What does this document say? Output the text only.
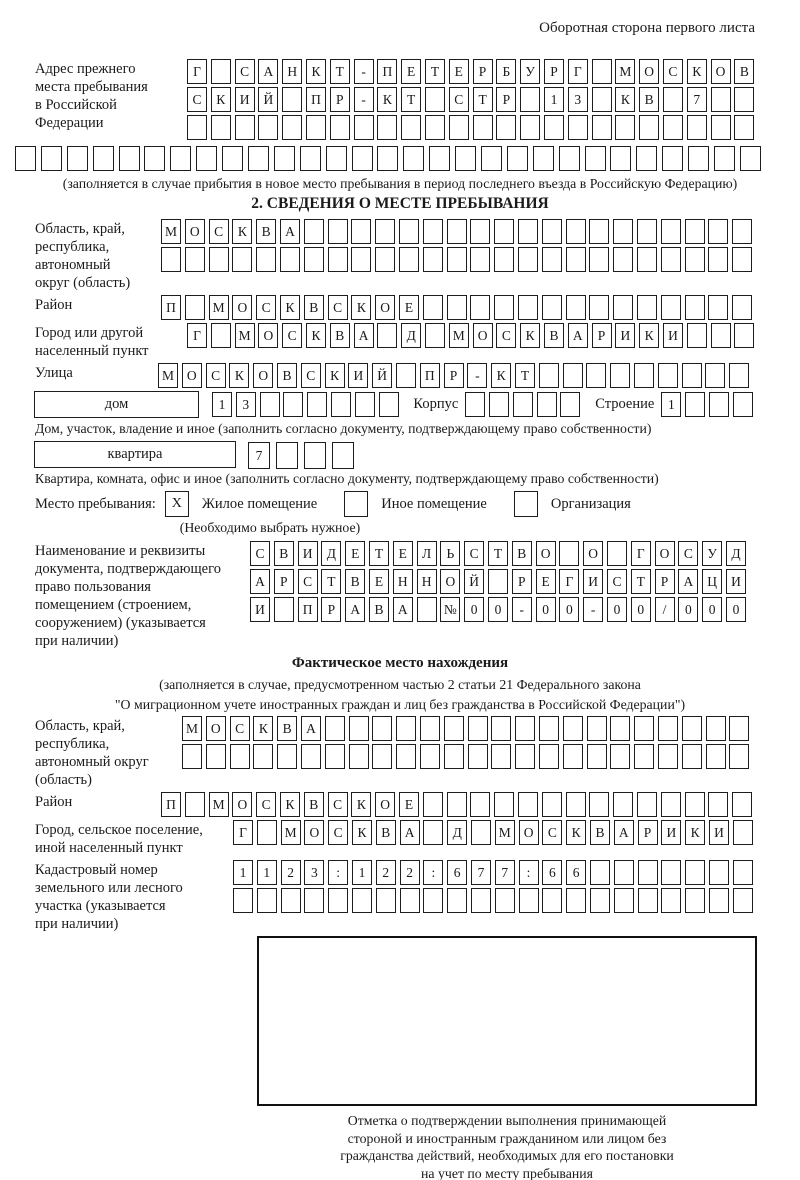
Оборотная сторона первого листа
Адрес прежнего
места пребывания
в Российской
Федерации
Г	С	А	Н	К	Т	-	П	Е	Т	Е	Р	Б	У	Р	Г	М О	С	К	О	В
С	К	И	Й	П	Р	-	К	Т	С	Т	Р	1	3	К	В	7
(заполняется в случае прибытия в новое место пребывания в период последнего въезда в Российскую Федерацию)
2. СВЕДЕНИЯ О МЕСТЕ ПРЕБЫВАНИЯ
Область, край,
республика,
автономный
округ (область)
М О	С	К	В	А
Район	П	М О	С	К	В	С	К	О	Е
Город или другой
населенный пункт
Г	М О	С	К	В	А	Д	М О	С	К	В	А	Р	И	К	И
Улица	М О	С	К	О	В	С	К	И	Й	П	Р	-	К	Т
дом	1	3	Корпус	Строение	1
Дом, участок, владение и иное (заполнить согласно документу, подтверждающему право собственности)
квартира	7
Квартира, комната, офис и иное (заполнить согласно документу, подтверждающему право собственности)
Место пребывания:	X	Жилое помещение	Иное помещение	Организация
(Необходимо выбрать нужное)
Наименование и реквизиты
документа, подтверждающего
право пользования
помещением (строением,
сооружением) (указывается
при наличии)
С	В	И	Д	Е	Т	Е	Л	Ь	С	Т	В	О	О	Г	О	С	У	Д
А	Р	С	Т	В	Е	Н	Н	О	Й	Р	Е	Г	И	С	Т	Р	А	Ц	И
И	П	Р	А	В	А	№	0	0	-	0	0	-	0	0	/	0	0	0
Фактическое место нахождения
(заполняется в случае, предусмотренном частью 2 статьи 21 Федерального закона
"О миграционном учете иностранных граждан и лиц без гражданства в Российской Федерации")
Область, край,
республика,
автономный округ
(область)
М О	С	К	В	А
Район	П	М О	С	К	В	С	К	О	Е
Город, сельское поселение,
иной населенный пункт
Г	М О	С	К	В	А	Д	М О	С	К	В	А	Р	И	К	И
Кадастровый номер
земельного или лесного
участка (указывается
при наличии)
1	1	2	3	:	1	2	2	:	6	7	7	:	6	6
Отметка о подтверждении выполнения принимающей
стороной и иностранным гражданином или лицом без
гражданства действий, необходимых для его постановки
на учет по месту пребывания
